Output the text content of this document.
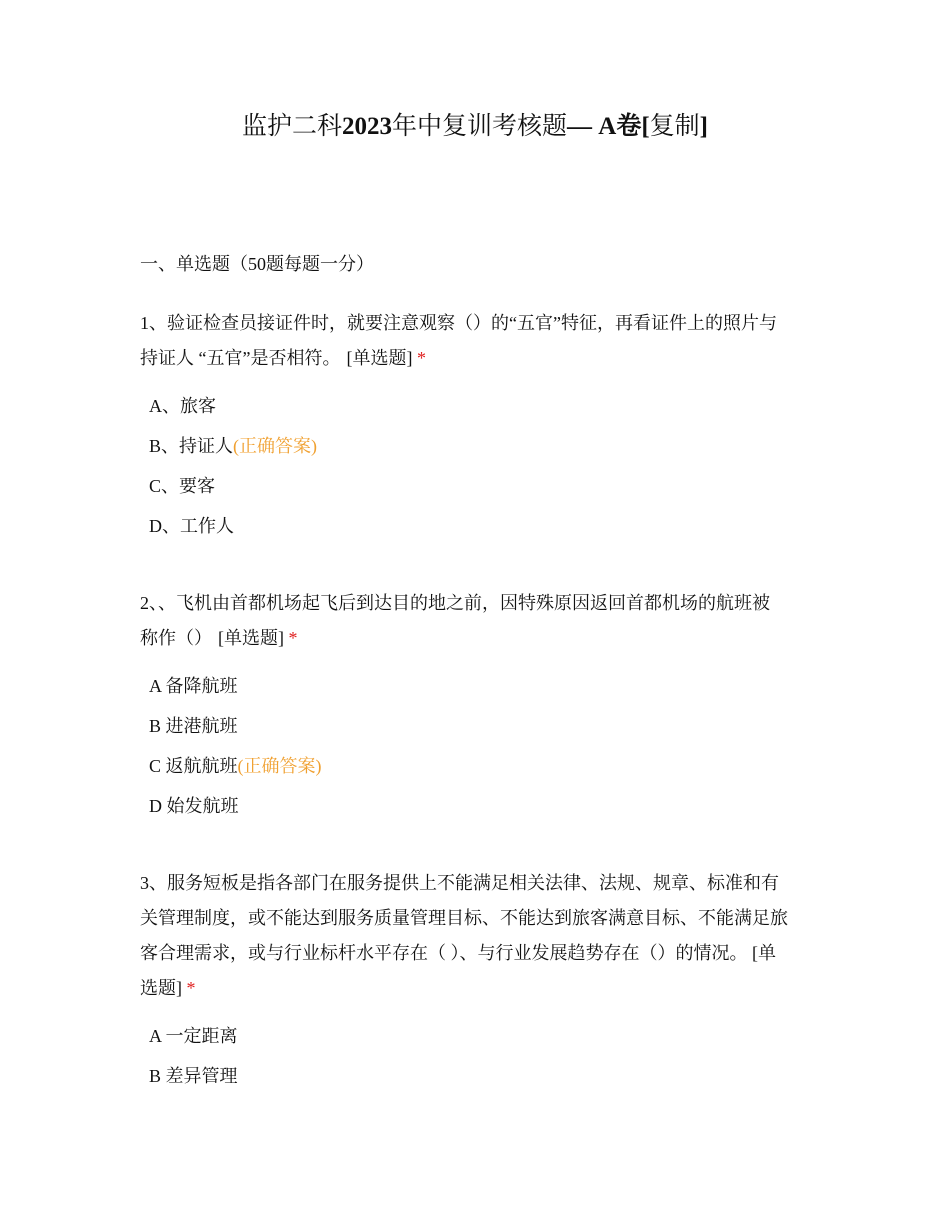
监护二科2023年中复训考核题— A卷[复制]
一、单选题（50题每题一分）
1、验证检查员接证件时，就要注意观察（）的“五官”特征，再看证件上的照片与
持证人 “五官”是否相符。 [单选题] *
A、旅客
B、持证人(正确答案)
C、要客
D、工作人
2、、飞机由首都机场起飞后到达目的地之前，因特殊原因返回首都机场的航班被
称作（） [单选题] *
A 备降航班
B 进港航班
C 返航航班(正确答案)
D 始发航班
3、服务短板是指各部门在服务提供上不能满足相关法律、法规、规章、标准和有
关管理制度，或不能达到服务质量管理目标、不能达到旅客满意目标、不能满足旅
客合理需求，或与行业标杆水平存在（ ）、与行业发展趋势存在（）的情况。 [单
选题] *
A 一定距离
B 差异管理
